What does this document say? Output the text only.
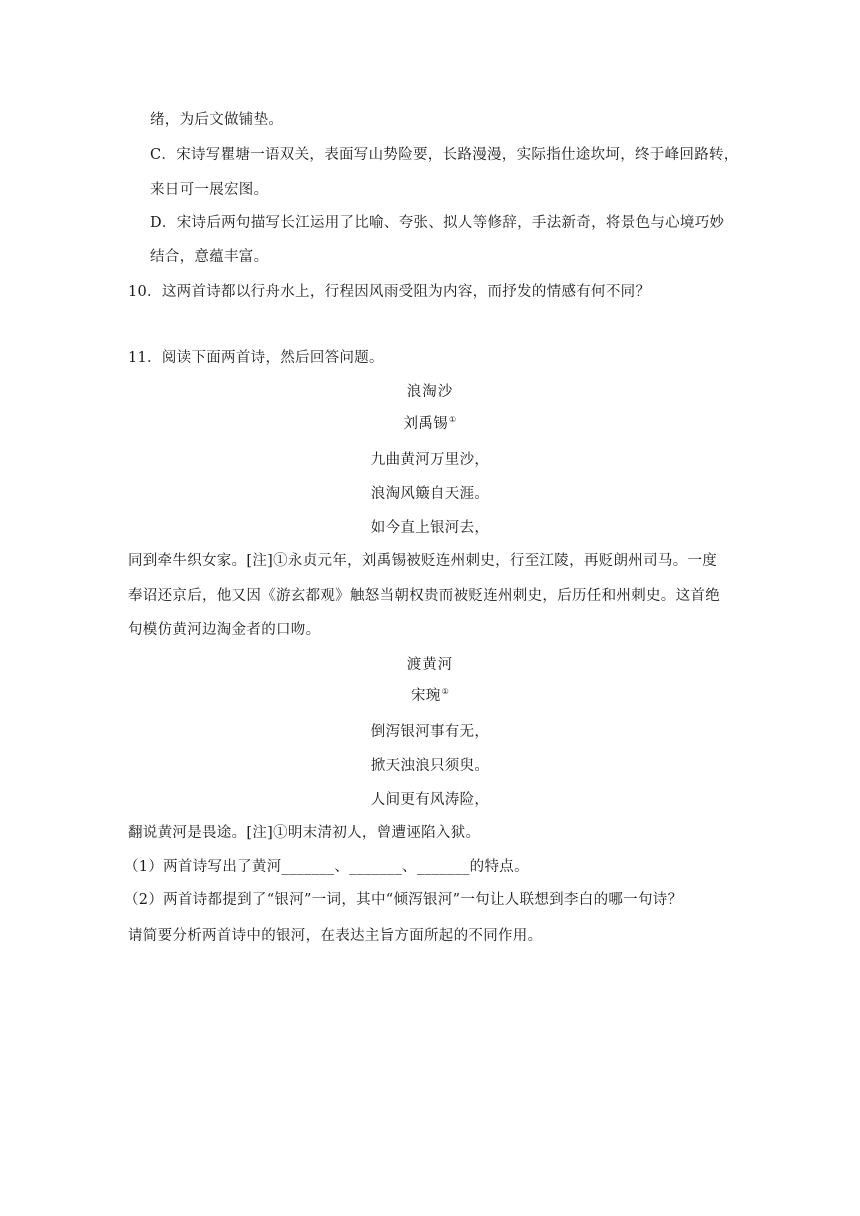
绪，为后文做铺垫。
C．宋诗写瞿塘一语双关，表面写山势险要，长路漫漫，实际指仕途坎坷，终于峰回路转，
来日可一展宏图。
D．宋诗后两句描写长江运用了比喻、夸张、拟人等修辞，手法新奇，将景色与心境巧妙
结合，意蕴丰富。
10．这两首诗都以行舟水上，行程因风雨受阻为内容，而抒发的情感有何不同？
11．阅读下面两首诗，然后回答问题。
浪淘沙
刘禹锡①
九曲黄河万里沙，
浪淘风簸自天涯。
如今直上银河去，
同到牵牛织女家。[注]①永贞元年，刘禹锡被贬连州刺史，行至江陵，再贬朗州司马。一度
奉诏还京后，他又因《游玄都观》触怒当朝权贵而被贬连州刺史，后历任和州刺史。这首绝
句模仿黄河边淘金者的口吻。
渡黄河
宋琬①
倒泻银河事有无，
掀天浊浪只须臾。
人间更有风涛险，
翻说黄河是畏途。[注]①明末清初人，曾遭诬陷入狱。
（1）两首诗写出了黄河_______、_______、_______的特点。
（2）两首诗都提到了“银河”一词，其中“倾泻银河”一句让人联想到李白的哪一句诗？
请简要分析两首诗中的银河，在表达主旨方面所起的不同作用。
